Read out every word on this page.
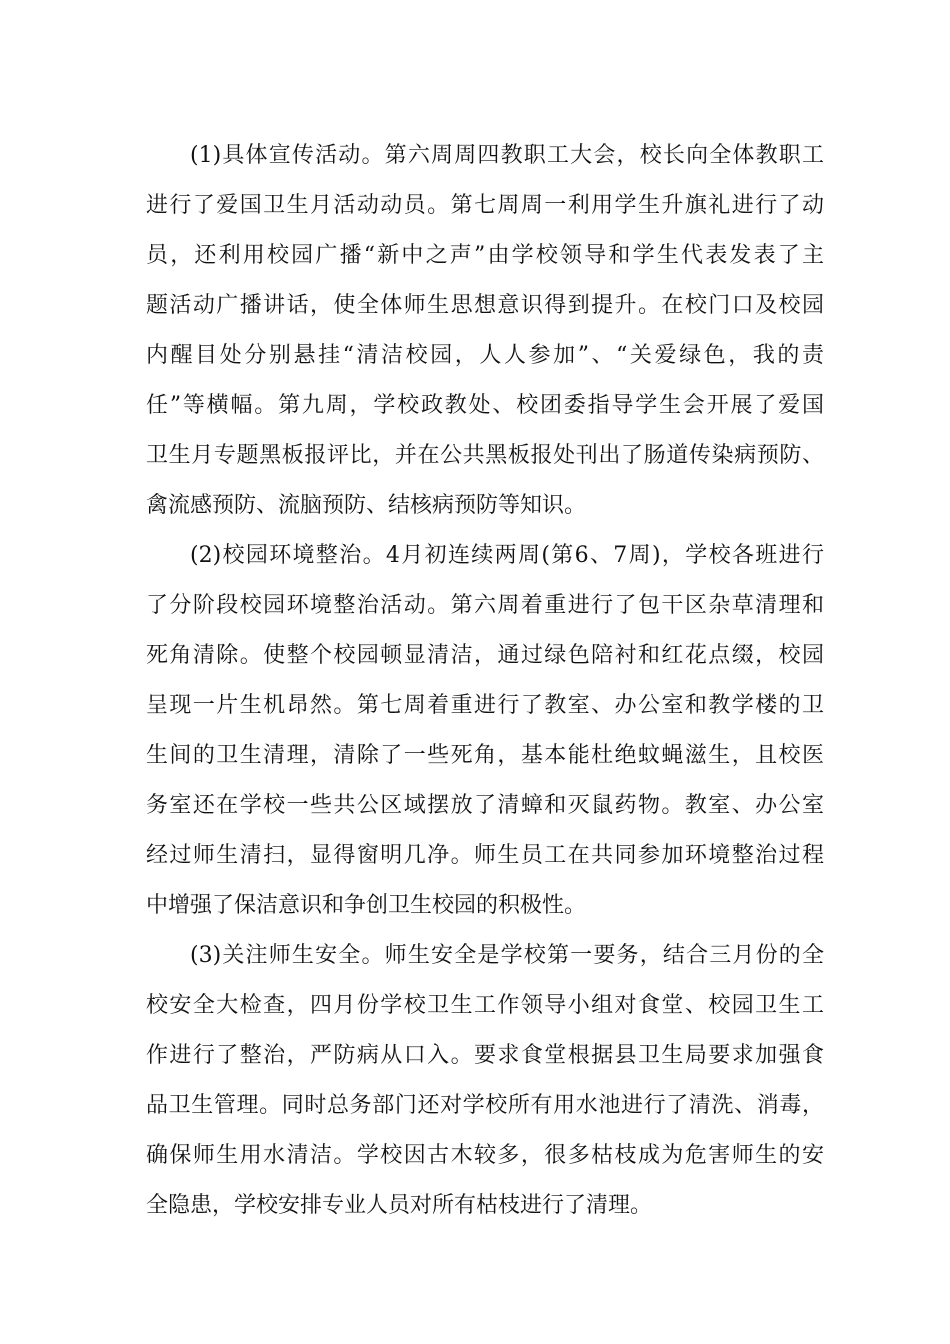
(1)具体宣传活动。第六周周四教职工大会，校长向全体教职工
进行了爱国卫生月活动动员。第七周周一利用学生升旗礼进行了动
员，还利用校园广播“新中之声”由学校领导和学生代表发表了主
题活动广播讲话，使全体师生思想意识得到提升。在校门口及校园
内醒目处分别悬挂“清洁校园，人人参加”、“关爱绿色，我的责
任”等横幅。第九周，学校政教处、校团委指导学生会开展了爱国
卫生月专题黑板报评比，并在公共黑板报处刊出了肠道传染病预防、
禽流感预防、流脑预防、结核病预防等知识。
(2)校园环境整治。4月初连续两周(第6、7周)，学校各班进行
了分阶段校园环境整治活动。第六周着重进行了包干区杂草清理和
死角清除。使整个校园顿显清洁，通过绿色陪衬和红花点缀，校园
呈现一片生机昂然。第七周着重进行了教室、办公室和教学楼的卫
生间的卫生清理，清除了一些死角，基本能杜绝蚊蝇滋生，且校医
务室还在学校一些共公区域摆放了清蟑和灭鼠药物。教室、办公室
经过师生清扫，显得窗明几净。师生员工在共同参加环境整治过程
中增强了保洁意识和争创卫生校园的积极性。
(3)关注师生安全。师生安全是学校第一要务，结合三月份的全
校安全大检查，四月份学校卫生工作领导小组对食堂、校园卫生工
作进行了整治，严防病从口入。要求食堂根据县卫生局要求加强食
品卫生管理。同时总务部门还对学校所有用水池进行了清洗、消毒，
确保师生用水清洁。学校因古木较多，很多枯枝成为危害师生的安
全隐患，学校安排专业人员对所有枯枝进行了清理。
